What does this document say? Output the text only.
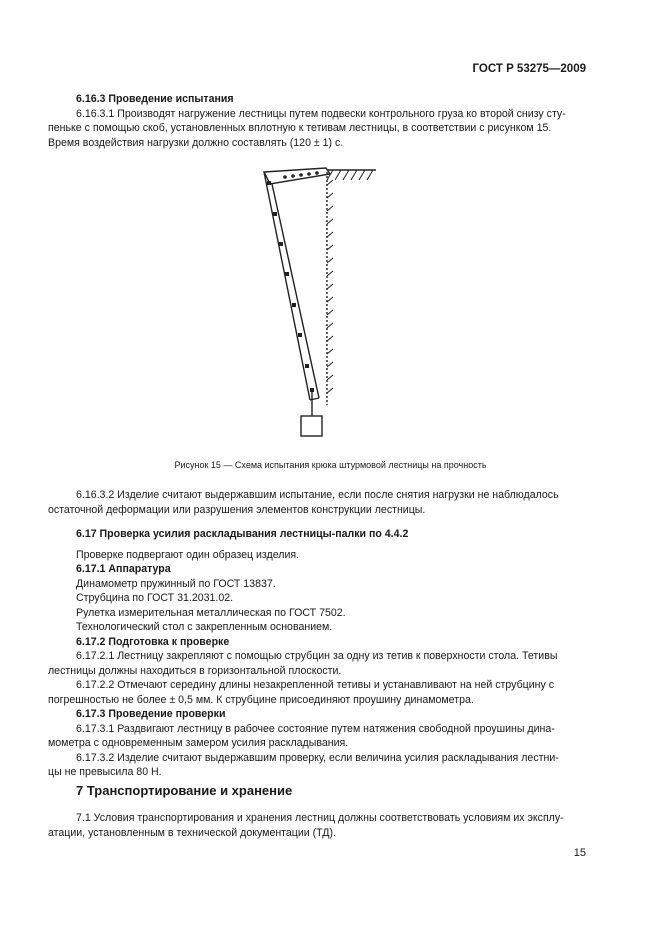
ГОСТ Р 53275—2009

6.16.3 Проведение испытания

6.16.3.1 Производят нагружение лестницы путем подвески контрольного груза ко второй снизу сту-

пеньке с помощью скоб, установленных вплотную к тетивам лестницы, в соответствии с рисунком 15.
Время воздействия нагрузки должно составлять (120 ± 1) с.
Рисунок 15 — Схема испытания крюка штурмовой лестницы на прочность
6.16.3.2 Изделие считают выдержавшим испытание, если после снятия нагрузки не наблюдалось
остаточной деформации или разрушения элементов конструкции лестницы.
6.17 Проверка усилия раскладывания лестницы-палки по 4.4.2
Проверке подвергают один образец изделия.
6.17.1 Аппаратура
Динамометр пружинный по ГОСТ 13837.
Струбцина по ГОСТ 31.2031.02.
Рулетка измерительная металлическая по ГОСТ 7502.
Технологический стол с закрепленным основанием.
6.17.2 Подготовка к проверке
6.17.2.1 Лестницу закрепляют с помощью струбцин за одну из тетив к поверхности стола. Тетивы
лестницы должны находиться в горизонтальной плоскости.
6.17.2.2 Отмечают середину длины незакрепленной тетивы и устанавливают на ней струбцину с
погрешностью не более ± 0,5 мм. К струбцине присоединяют проушину динамометра.
6.17.3 Проведение проверки
6.17.3.1 Раздвигают лестницу в рабочее состояние путем натяжения свободной проушины дина-
мометра с одновременным замером усилия раскладывания.
6.17.3.2 Изделие считают выдержавшим проверку, если величина усилия раскладывания лестни-
цы не превысила 80 Н.
7 Транспортирование и хранение
7.1 Условия транспортирования и хранения лестниц должны соответствовать условиям их эксплу-
атации, установленным в технической документации (ТД).
15
